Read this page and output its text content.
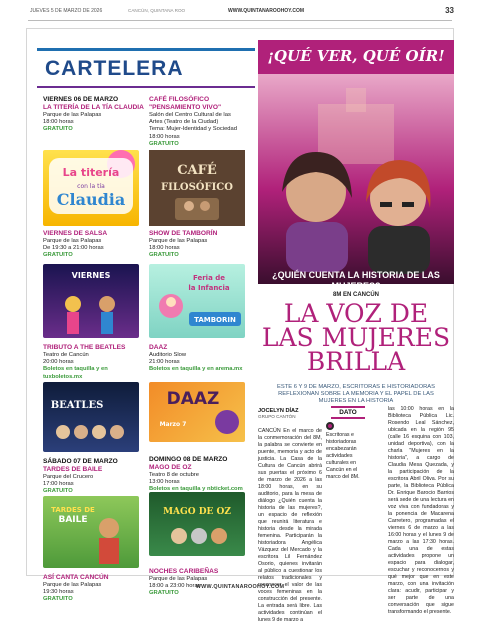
JUEVES 5 DE MARZO DE 2026	CANCÚN, QUINTANA ROO	WWW.QUINTANAROOHOY.COM	33
CARTELERA
VIERNES 06 DE MARZO
LA TITERÍA DE LA TÍA CLAUDIA
Parque de las Palapas
18:00 horas
GRATUITO
La titería
con la tía
Claudia
CAFÉ FILOSÓFICO "PENSAMIENTO VIVO"
Salón del Centro Cultural de las
Artes (Teatro de la Ciudad)
Tema: Mujer-Identidad y Sociedad
18:00 horas
GRATUITO
CAFÉ
FILOSÓFICO
VIERNES DE SALSA
Parque de las Palapas
De 19:30 a 21:00 horas
GRATUITO
VIERNES
SHOW DE TAMBORÍN
Parque de las Palapas
18:00 horas
GRATUITO
Feria de
la Infancia
TAMBORIN
TRIBUTO A THE BEATLES
Teatro de Cancún
20:00 horas
Boletos en taquilla y en tuxboletos.mx
BEATLES
DAAZ
Auditorio Slow
21:00 horas
Boletos en taquilla y en arema.mx
DAAZ
Marzo 7
SÁBADO 07 DE MARZO
TARDES DE BAILE
Parque del Crucero
17:00 horas
GRATUITO
TARDES DE
BAILE
DOMINGO 08 DE MARZO
MAGO DE OZ
Teatro 8 de octubre
13:00 horas
Boletos en taquilla y nbticket.com
MAGO DE OZ
ASÍ CANTA CANCÚN
Parque de las Palapas
19:30 horas
GRATUITO
NOCHES CARIBEÑAS
Parque de las Palapas
18:00 a 23:00 horas
GRATUITO
¡QUÉ VER, QUÉ OÍR!
¿QUIÉN CUENTA LA HISTORIA DE LAS MUJERES?
8M EN CANCÚN
LA VOZ DE LAS MUJERES BRILLA
ESTE 6 Y 9 DE MARZO, ESCRITORAS E HISTORIADORAS REFLEXIONAN SOBRE LA MEMORIA Y EL PAPEL DE LAS MUJERES EN LA HISTORIA
JOCELYN DÍAZ
GRUPO CANTÓN
CANCÚN En el marco de la conmemoración del 8M, la palabra se convierte en puente, memoria y acto de justicia. La Casa de la Cultura de Cancún abrirá sus puertas el próximo 6 de marzo de 2026 a las 18:00 horas, en su auditorio, para la mesa de diálogo ¿Quién cuenta la historia de las mujeres?, un espacio de reflexión que reunirá literatura e historia desde la mirada femenina. Participarán la historiadora Angélica Vázquez del Mercado y la escritora Lil Fernández Osorio, quienes invitarán al público a cuestionar los relatos tradicionales y reconocer el valor de las voces femeninas en la construcción del presente. La entrada será libre. Las actividades continúan el lunes 9 de marzo a
DATO
Escritoras e historiadoras encabezarán actividades culturales en Cancún en el marco del 8M.
las 10:00 horas en la Biblioteca Pública Lic. Rosendo Leal Sánchez, ubicada en la región 95 (calle 16 esquina con 103, unidad deportiva), con la charla "Mujeres en la historia", a cargo de Claudia Mesa Quezada, y la participación de la escritora Abril Oliva. Por su parte, la Biblioteca Pública Dr. Enrique Barocio Barrios será sede de una lectura en voz viva con fundadoras y la ponencia de Macarena Carretero, programadas el viernes 6 de marzo a las 16:00 horas y el lunes 9 de marzo a las 17:30 horas. Cada una de estas actividades propone un espacio para dialogar, escuchar y reconocernos y qué mejor que en este marzo, con una invitación clara: acudir, participar y ser parte de una conversación que sigue transformando el presente.
WWW.QUINTANAROOHOY.COM
